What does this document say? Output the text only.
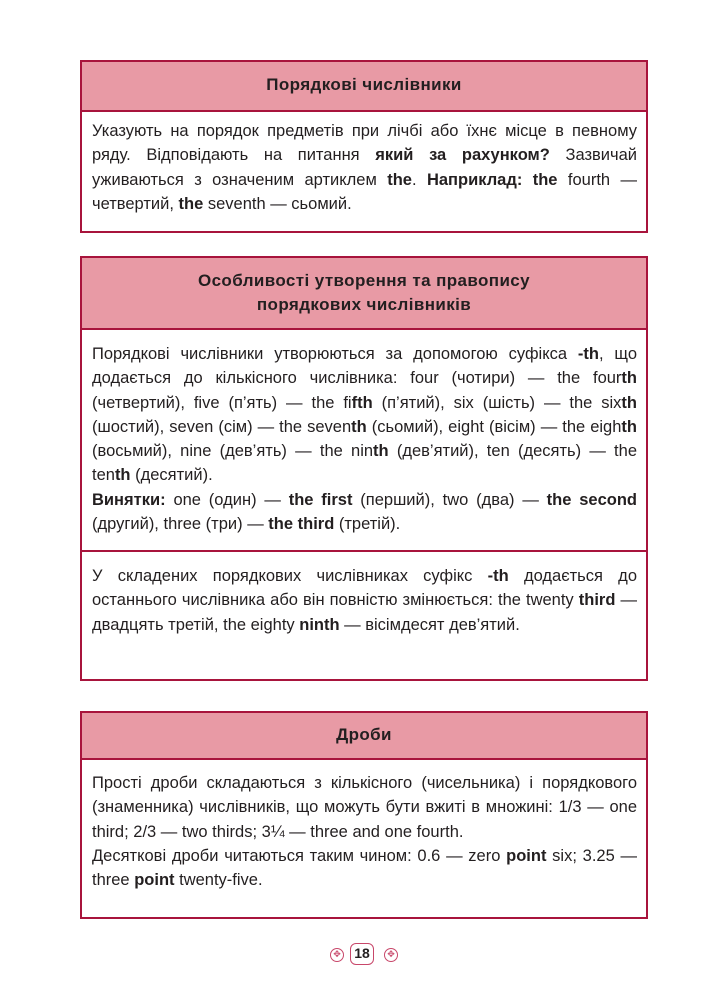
Порядкові числівники

Указують на порядок предметів при лічбі або їхнє місце в певному ряду. Відповідають на питання який за рахунком? Зазвичай уживаються з означеним артиклем the. Наприклад: the fourth — четвертий, the seventh — сьомий.

Особливості утворення та правопису
порядкових числівників

Порядкові числівники утворюються за допомогою суфікса -th, що додається до кількісного числівника: four (чотири) — the fourth (четвертий), five (п’ять) — the fifth (п’ятий), six (шість) — the sixth (шостий), seven (сім) — the seventh (сьомий), eight (вісім) — the eighth (восьмий), nine (дев’ять) — the ninth (дев’ятий), ten (десять) — the tenth (десятий).

Винятки: one (один) — the first (перший), two (два) — the second (другий), three (три) — the third (третій).

У складених порядкових числівниках суфікс -th додається до останнього числівника або він повністю змінюється: the twenty third — двадцять третій, the eighty ninth — вісімдесят дев’ятий.

Дроби

Прості дроби складаються з кількісного (чисельника) і порядкового (знаменника) числівників, що можуть бути вжиті в множині: 1/3 — one third; 2/3 — two thirds; 3¼ — three and one fourth.

Десяткові дроби читаються таким чином: 0.6 — zero point six; 3.25 — three point twenty-five.

✥ 18	✥
